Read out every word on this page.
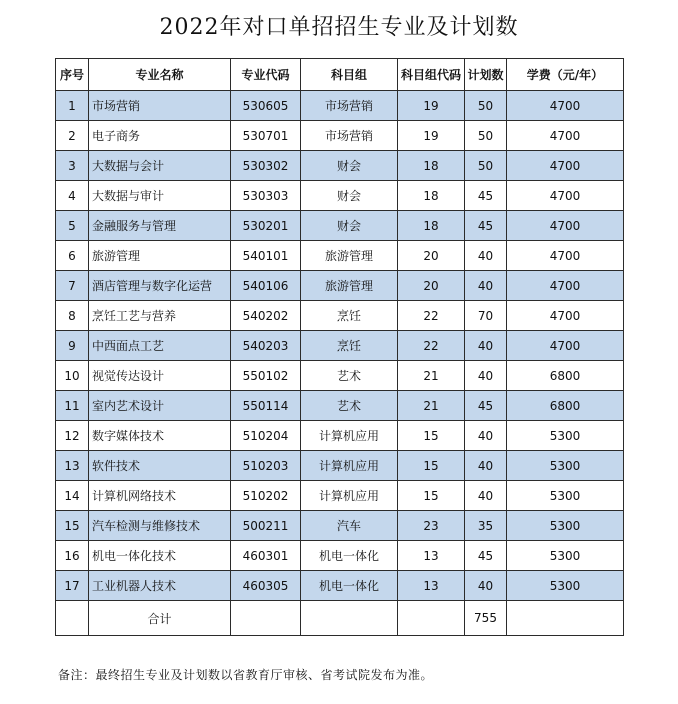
2022年对口单招招生专业及计划数
序号	专业名称	专业代码	科目组	科目组代码	计划数	学费（元/年）
1	市场营销	530605	市场营销	19	50	4700
2	电子商务	530701	市场营销	19	50	4700
3	大数据与会计	530302	财会	18	50	4700
4	大数据与审计	530303	财会	18	45	4700
5	金融服务与管理	530201	财会	18	45	4700
6	旅游管理	540101	旅游管理	20	40	4700
7	酒店管理与数字化运营	540106	旅游管理	20	40	4700
8	烹饪工艺与营养	540202	烹饪	22	70	4700
9	中西面点工艺	540203	烹饪	22	40	4700
10	视觉传达设计	550102	艺术	21	40	6800
11	室内艺术设计	550114	艺术	21	45	6800
12	数字媒体技术	510204	计算机应用	15	40	5300
13	软件技术	510203	计算机应用	15	40	5300
14	计算机网络技术	510202	计算机应用	15	40	5300
15	汽车检测与维修技术	500211	汽车	23	35	5300
16	机电一体化技术	460301	机电一体化	13	45	5300
17	工业机器人技术	460305	机电一体化	13	40	5300
	合计				755	
备注：最终招生专业及计划数以省教育厅审核、省考试院发布为准。
